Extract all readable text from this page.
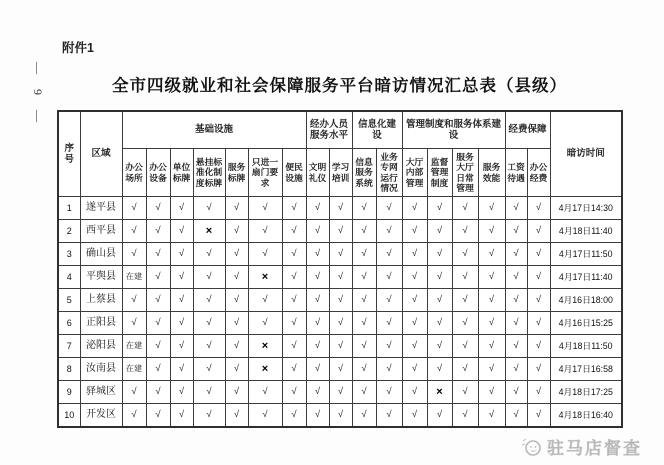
— 9 —
附件1
全市四级就业和社会保障服务平台暗访情况汇总表（县级）
序号	区域	基础设施							经办人员服务水平		信息化建设		管理制度和服务体系建设				经费保障		暗访时间
		办公场所	办公设备	单位标牌	悬挂标准化制度标牌	服务标牌	只进一扇门要求	便民设施	文明礼仪	学习培训	信息服务系统	业务专网运行情况	大厅内部管理	监督管理制度	服务大厅日常管理	服务效能	工资待遇	办公经费	
1	遂平县	√	√	√	√	√	√	√	√	√	√	√	√	√	√	√	√	√	4月17日14:30
2	西平县	√	√	√	×	√	√	√	√	√	√	√	√	√	√	√	√	√	4月18日11:40
3	确山县	√	√	√	√	√	√	√	√	√	√	√	√	√	√	√	√	√	4月17日11:50
4	平舆县	在建	√	√	√	√	×	√	√	√	√	√	√	√	√	√	√	√	4月17日11:40
5	上蔡县	√	√	√	√	√	√	√	√	√	√	√	√	√	√	√	√	√	4月16日18:00
6	正阳县	√	√	√	√	√	√	√	√	√	√	√	√	√	√	√	√	√	4月16日15:25
7	泌阳县	在建	√	√	√	√	×	√	√	√	√	√	√	√	√	√	√	√	4月18日11:50
8	汝南县	在建	√	√	√	√	×	√	√	√	√	√	√	√	√	√	√	√	4月17日16:58
9	驿城区	√	√	√	√	√	√	√	√	√	√	√	√	×	√	√	√	√	4月18日17:25
10	开发区	√	√	√	√	√	√	√	√	√	√	√	√	√	√	√	√	√	4月18日16:40
驻马店督查
